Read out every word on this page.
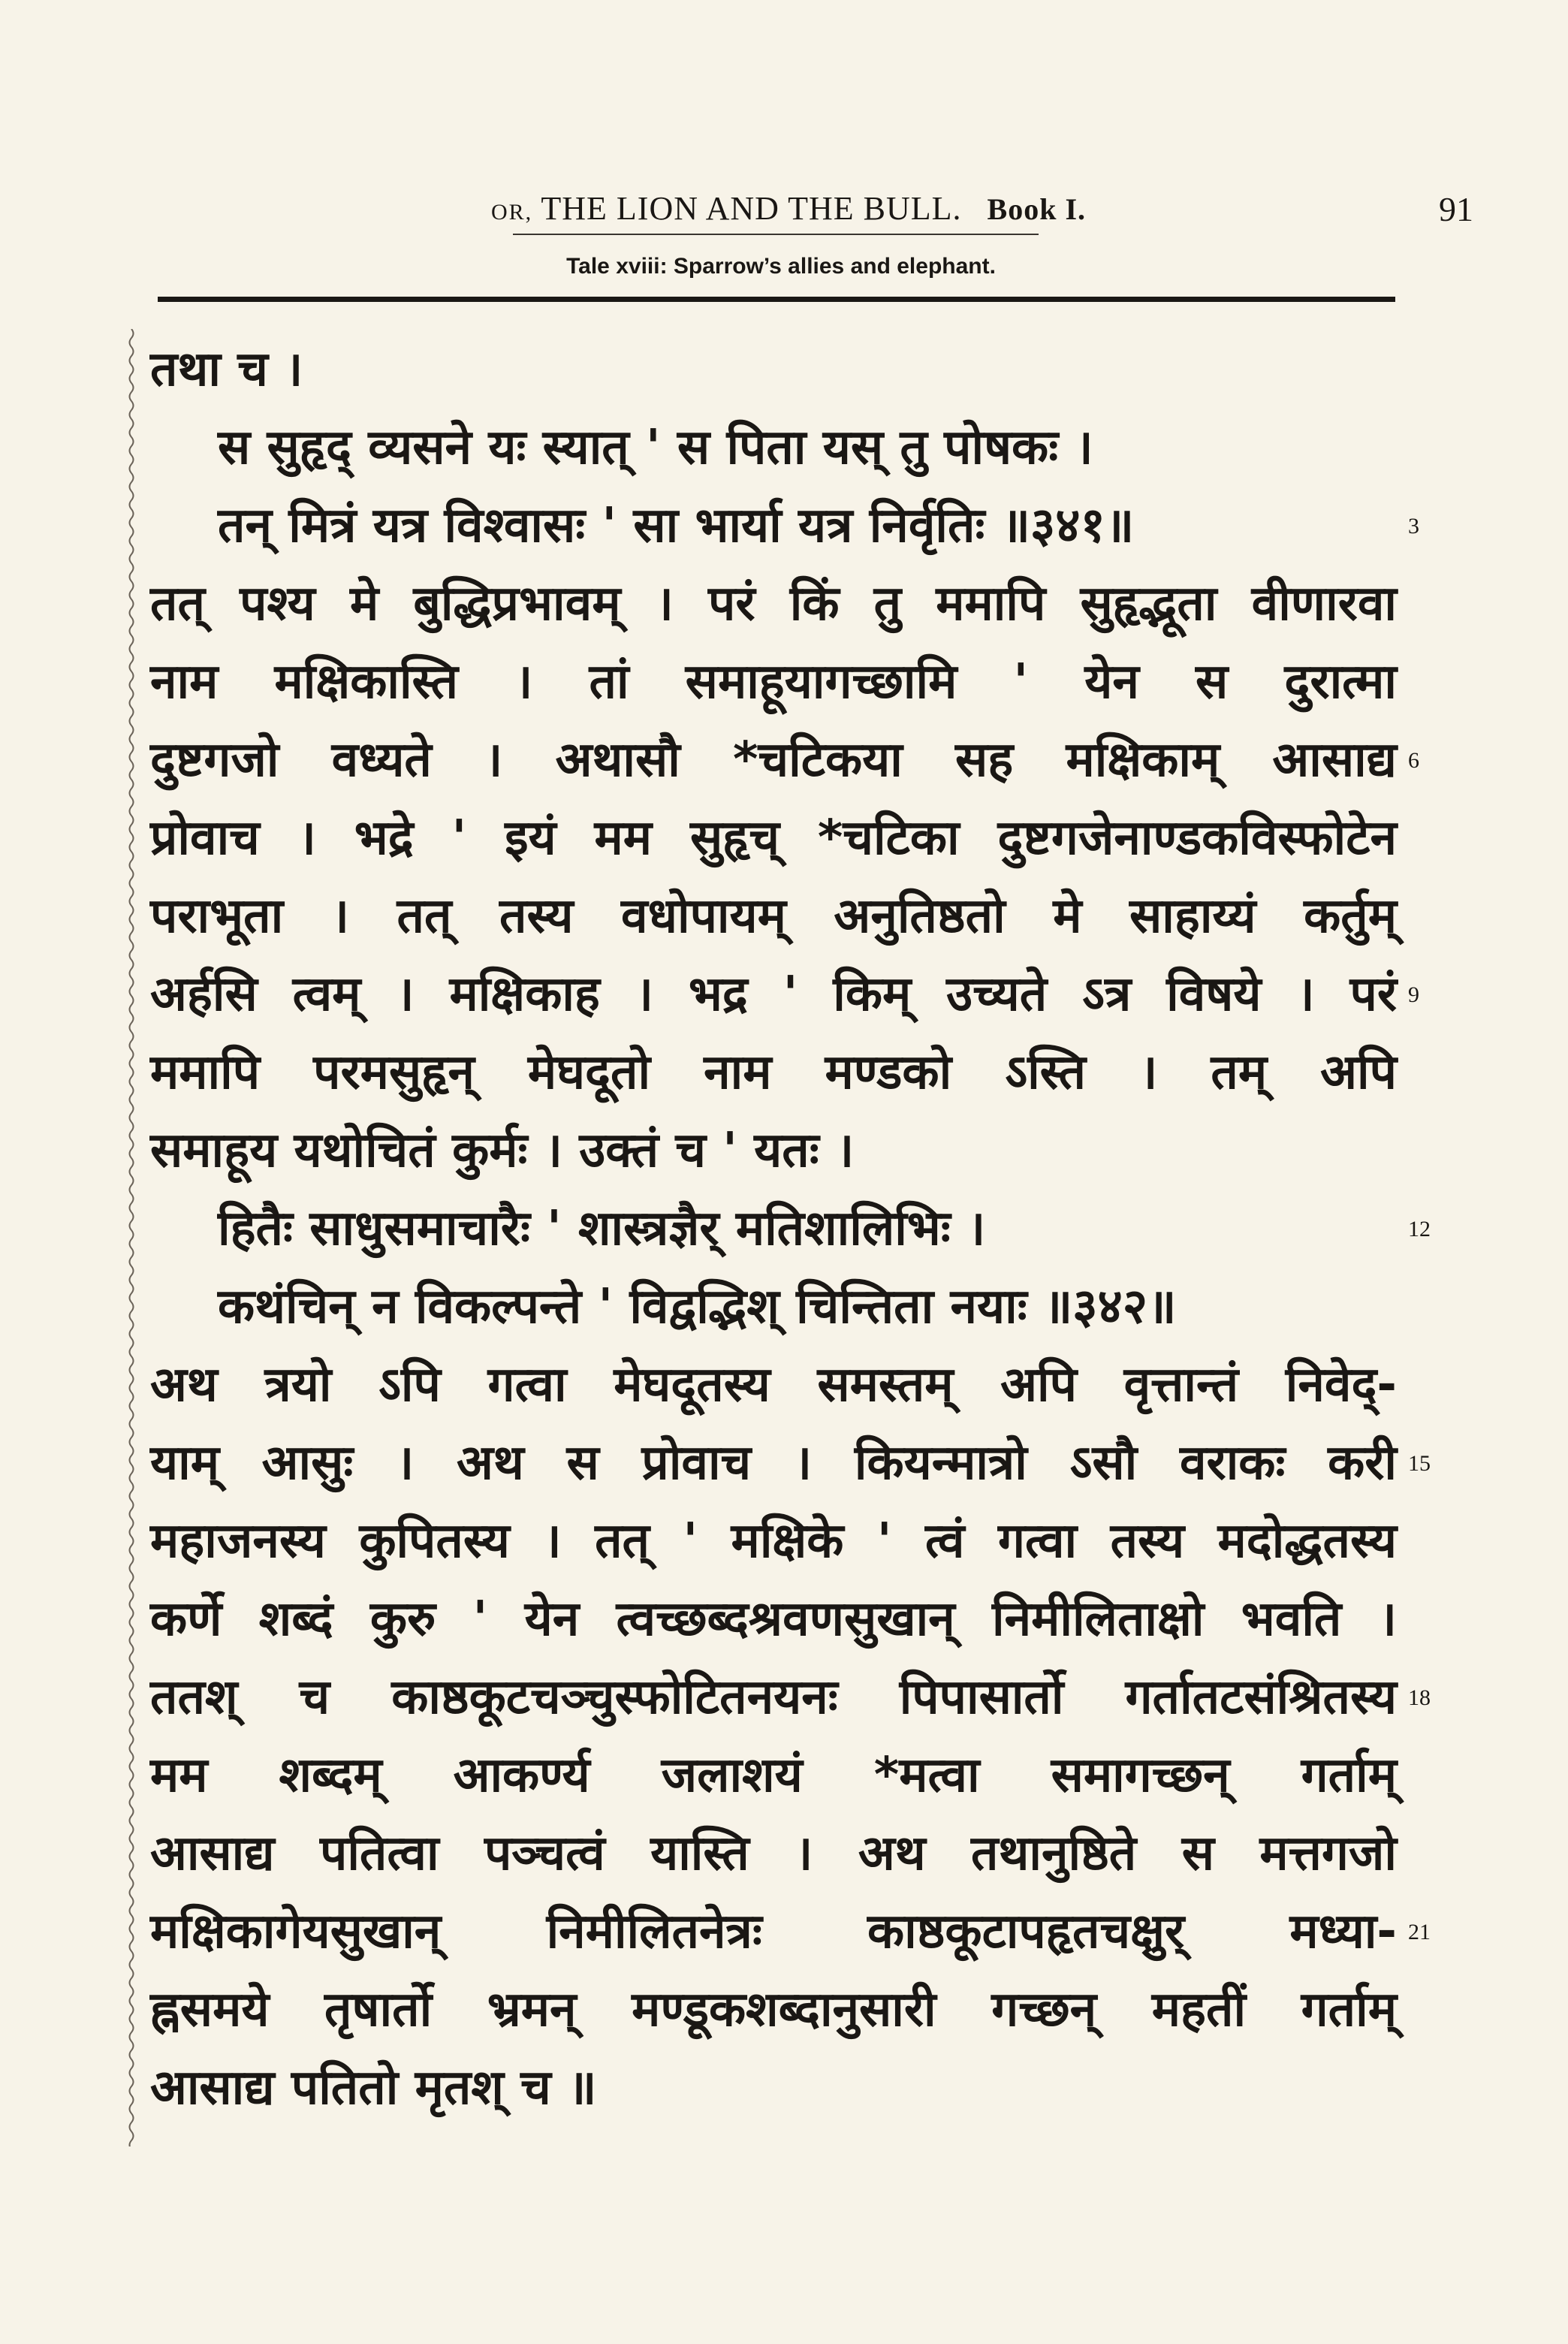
OR, THE LION AND THE BULL. Book I.	91
Tale xviii: Sparrow’s allies and elephant.
तथा च ।
स सुहृद् व्यसने यः स्यात् ' स पिता यस् तु पोषकः ।
तन् मित्रं यत्र विश्वासः ' सा भार्या यत्र निर्वृतिः ॥३४१॥
तत् पश्य मे बुद्धिप्रभावम् । परं किं तु ममापि सुहृद्भूता वीणारवा
नाम मक्षिकास्ति । तां समाहूयागच्छामि ' येन स दुरात्मा
दुष्टगजो वध्यते । अथासौ *चटिकया सह मक्षिकाम् आसाद्य
प्रोवाच । भद्रे ' इयं मम सुहृच् *चटिका दुष्टगजेनाण्डकविस्फोटेन
पराभूता । तत् तस्य वधोपायम् अनुतिष्ठतो मे साहाय्यं कर्तुम्
अर्हसि त्वम् । मक्षिकाह । भद्र ' किम् उच्यते ऽत्र विषये । परं
ममापि परमसुहृन् मेघदूतो नाम मण्डको ऽस्ति । तम् अपि
समाहूय यथोचितं कुर्मः । उक्तं च ' यतः ।
हितैः साधुसमाचारैः ' शास्त्रज्ञैर् मतिशालिभिः ।
कथंचिन् न विकल्पन्ते ' विद्वद्भिश् चिन्तिता नयाः ॥३४२॥
अथ त्रयो ऽपि गत्वा मेघदूतस्य समस्तम् अपि वृत्तान्तं निवेद्-
याम् आसुः । अथ स प्रोवाच । कियन्मात्रो ऽसौ वराकः करी
महाजनस्य कुपितस्य । तत् ' मक्षिके ' त्वं गत्वा तस्य मदोद्धतस्य
कर्णे शब्दं कुरु ' येन त्वच्छब्दश्रवणसुखान् निमीलिताक्षो भवति ।
ततश् च काष्ठकूटचञ्चुस्फोटितनयनः पिपासार्तो गर्तातटसंश्रितस्य
मम शब्दम् आकर्ण्य जलाशयं *मत्वा समागच्छन् गर्ताम्
आसाद्य पतित्वा पञ्चत्वं यास्ति । अथ तथानुष्ठिते स मत्तगजो
मक्षिकागेयसुखान् निमीलितनेत्रः काष्ठकूटापहृतचक्षुर् मध्या-
ह्नसमये तृषार्तो भ्रमन् मण्डूकशब्दानुसारी गच्छन् महतीं गर्ताम्
आसाद्य पतितो मृतश् च ॥
3
6
9
12
15
18
21
